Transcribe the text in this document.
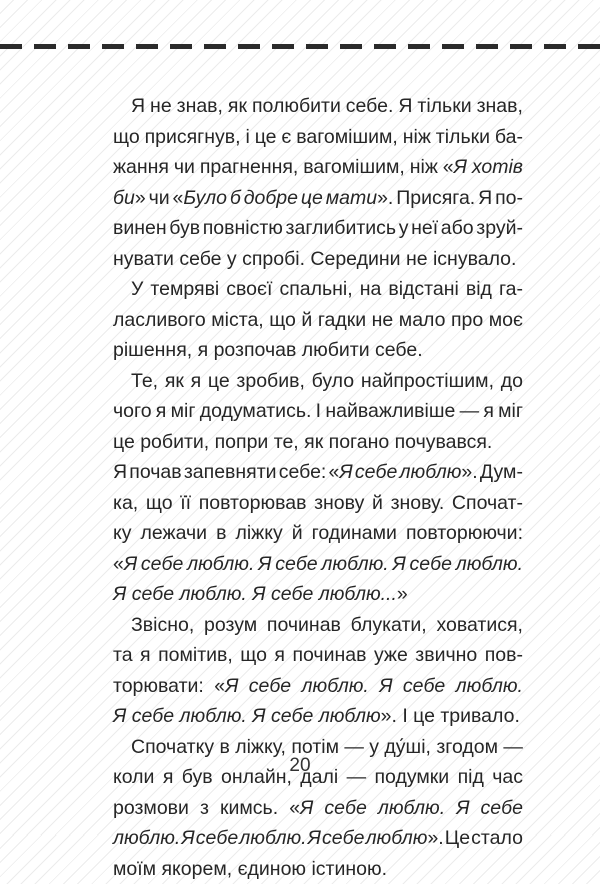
Я не знав, як полюбити себе. Я тільки знав,
що присягнув, і це є вагомішим, ніж тільки ба-
жання чи прагнення, вагомішим, ніж «Я хотів
би» чи «Було б добре це мати». Присяга. Я по-
винен був повністю заглибитись у неї або зруй-
нувати себе у спробі. Середини не існувало.
У темряві своєї спальні, на відстані від га-
ласливого міста, що й гадки не мало про моє
рішення, я розпочав любити себе.
Те, як я це зробив, було найпростішим, до
чого я міг додуматись. І найважливіше — я міг
це робити, попри те, як погано почувався.
Я почав запевняти себе: «Я себе люблю». Дум-
ка, що її повторював знову й знову. Спочат-
ку лежачи в ліжку й годинами повторюючи:
«Я себе люблю. Я себе люблю. Я себе люблю.
Я себе люблю. Я себе люблю... »
Звісно, розум починав блукати, ховатися,
та я помітив, що я починав уже звично пов-
торювати: «Я себе люблю. Я себе люблю.
Я себе люблю. Я себе люблю ». І це тривало.
Спочатку в ліжку, потім — у ду́ші, згодом —
коли я був онлайн, далі — подумки під час
розмови з кимсь. «Я себе люблю. Я себе
люблю. Я себе люблю. Я себе люблю». Це стало
моїм якорем, єдиною істиною.
20
